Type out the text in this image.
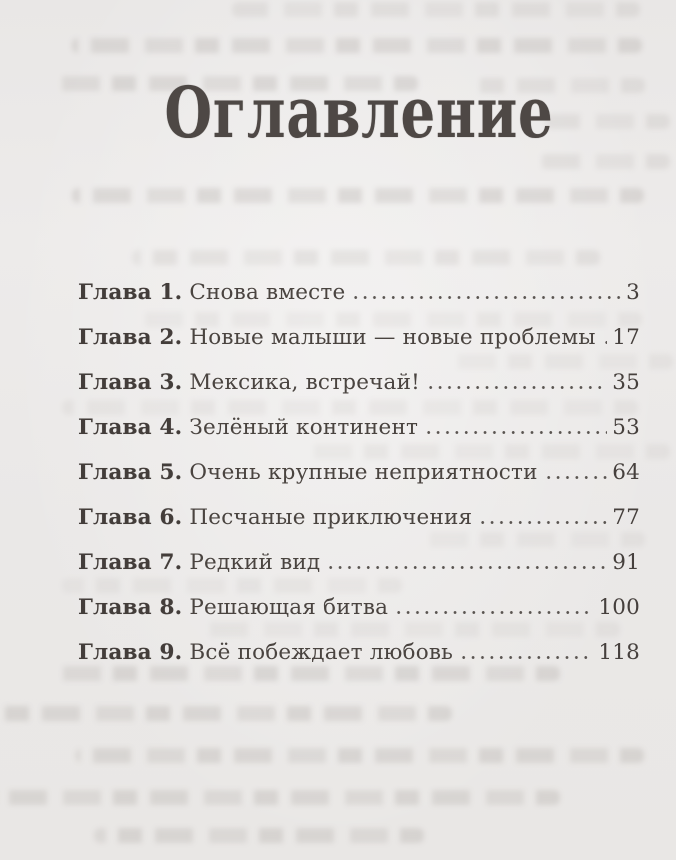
Оглавление
Глава 1. Снова вместе	3
Глава 2. Новые малыши — новые проблемы 17
Глава 3. Мексика, встречай!	35
Глава 4. Зелёный континент	53
Глава 5. Очень крупные неприятности	64
Глава 6. Песчаные приключения	77
Глава 7. Редкий вид	91
Глава 8. Решающая битва	100
Глава 9. Всё побеждает любовь	118
